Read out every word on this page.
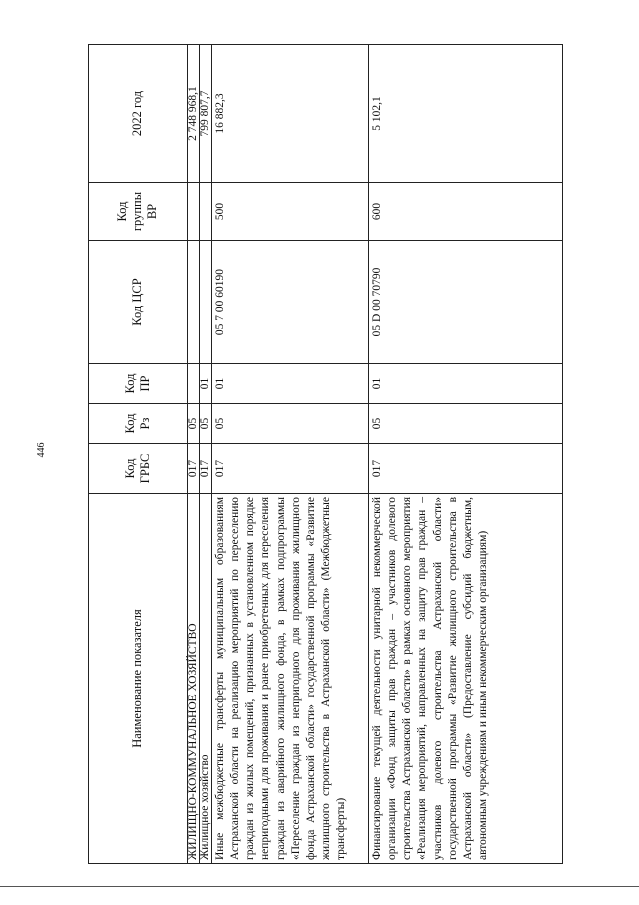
446
Наименование показателя	Код ГРБС	Код Рз	Код ПР	Код ЦСР	Код группы ВР	2022 год
ЖИЛИЩНО-КОММУНАЛЬНОЕ ХОЗЯЙСТВО	017	05				2 748 968,1
Жилищное хозяйство	017	05	01			799 807,7
Иные межбюджетные трансферты муниципальным образованиям Астраханской области на реализацию мероприятий по переселению граждан из жилых помещений, признанных в установленном порядке непригодными для проживания и ранее приобретенных для переселения граждан из аварийного жилищного фонда, в рамках подпрограммы «Переселение граждан из непригодного для проживания жилищного фонда Астраханской области» государственной программы «Развитие жилищного строительства в Астраханской области» (Межбюджетные трансферты)	017	05	01	05 7 00 60190	500	16 882,3
Финансирование текущей деятельности унитарной некоммерческой организации «Фонд защиты прав граждан – участников долевого строительства Астраханской области» в рамках основного мероприятия «Реализация мероприятий, направленных на защиту прав граждан – участников долевого строительства Астраханской области» государственной программы «Развитие жилищного строительства в Астраханской области» (Предоставление субсидий бюджетным, автономным учреждениям и иным некоммерческим организациям)	017	05	01	05 D 00 70790	600	5 102,1
